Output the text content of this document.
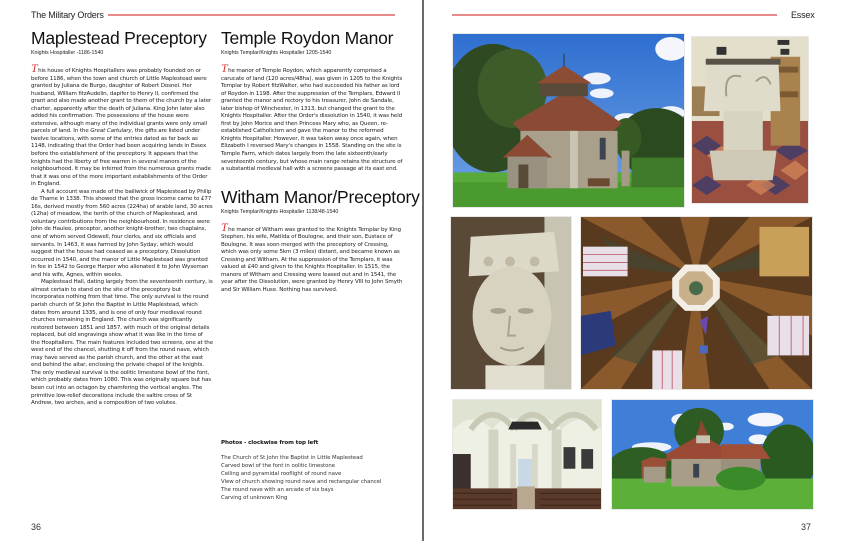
The Military Orders
Maplestead Preceptory
Knights Hospitaller -1186-1540

This house of Knights Hospitallers was probably founded on or before 1186, when the town and church of Little Maplestead were granted by Juliana de Burgo, daughter of Robert Dosnel. Her husband, William fitzAudelin, dapifer to Henry II, confirmed the grant and also made another grant to them of the church by a later charter, apparently after the death of Juliana. King John later also added his confirmation. The possessions of the house were extensive, although many of the individual grants were only small parcels of land. In the Great Cartulary, the gifts are listed under twelve locations, with some of the entries dated as far back as 1148, indicating that the Order had been acquiring lands in Essex before the establishment of the preceptory. It appears that the knights had the liberty of free warren in several manors of the neighbourhood. It may be inferred from the numerous grants made that it was one of the more important establishments of the Order in England.

A full account was made of the bailiwick of Maplestead by Philip de Thame in 1338. This showed that the gross income came to £77 16s, derived mostly from 560 acres (224ha) of arable land, 30 acres (12ha) of meadow, the tenth of the church of Maplestead, and voluntary contributions from the neighbourhood. In residence were John de Haulee, preceptor, another knight-brother, two chaplains, one of whom served Odewell, four clerks, and six officials and servants. In 1463, it was farmed by John Syday, which would suggest that the house had ceased as a preceptory. Dissolution occurred in 1540, and the manor of Little Maplestead was granted in fee in 1542 to George Harper who alienated it to John Wyseman and his wife, Agnes, within weeks.

Maplestead Hall, dating largely from the seventeenth century, is almost certain to stand on the site of the preceptory but incorporates nothing from that time. The only survival is the round parish church of St John the Baptist in Little Maplestead, which dates from around 1335, and is one of only four medieval round churches remaining in England. The church was significantly restored between 1851 and 1857, with much of the original details replaced, but old engravings show what it was like in the time of the Hospitallers. The main features included two screens, one at the west end of the chancel, shutting it off from the round nave, which may have served as the parish church, and the other at the east end behind the altar, enclosing the private chapel of the knights. The only medieval survival is the oolitic limestone bowl of the font, which probably dates from 1080. This was originally square but has been cut into an octagon by chamfering the vertical angles. The primitive low-relief decorations include the saltire cross of St Andrew, two arches, and a composition of two volutes.

Temple Roydon Manor
Knights Templar/Knights Hospitaller 1205-1540

The manor of Temple Roydon, which apparently comprised a carucate of land (120 acres/48ha), was given in 1205 to the Knights Templar by Robert fitzWalter, who had succeeded his father as lord of Roydon in 1198. After the suppression of the Templars, Edward II granted the manor and rectory to his treasurer, John de Sandale, later bishop of Winchester, in 1313, but changed the grant to the Knights Hospitaller. After the Order's dissolution in 1540, it was held first by John Morice and then Princess Mary who, as Queen, re-established Catholicism and gave the manor to the reformed Knights Hospitaller. However, it was taken away once again, when Elizabeth I reversed Mary's changes in 1558. Standing on the site is Temple Farm, which dates largely from the late sixteenth/early seventeenth century, but whose main range retains the structure of a substantial medieval hall with a screens passage at its east end.

Witham Manor/Preceptory
Knights Templar/Knights Hospitaller 1138/48-1540

The manor of Witham was granted to the Knights Templar by King Stephen, his wife, Matilda of Boulogne, and their son, Eustace of Boulogne. It was soon merged with the preceptory of Cressing, which was only some 5km (3 miles) distant, and became known as Cressing and Witham. At the suppression of the Templars, it was valued at £40 and given to the Knights Hospitaller. In 1515, the manors of Witham and Cressing were leased out and in 1541, the year after the Dissolution, were granted by Henry VIII to John Smyth and Sir William Huse. Nothing has survived.

Photos - clockwise from top left
The Church of St John the Baptist in Little Maplestead
Carved bowl of the font in oolitic limestone
Ceiling and pyramidal rooflight of round nave
View of church showing round nave and rectangular chancel
The round nave with an arcade of six bays
Carving of unknown King
36
Essex
37
